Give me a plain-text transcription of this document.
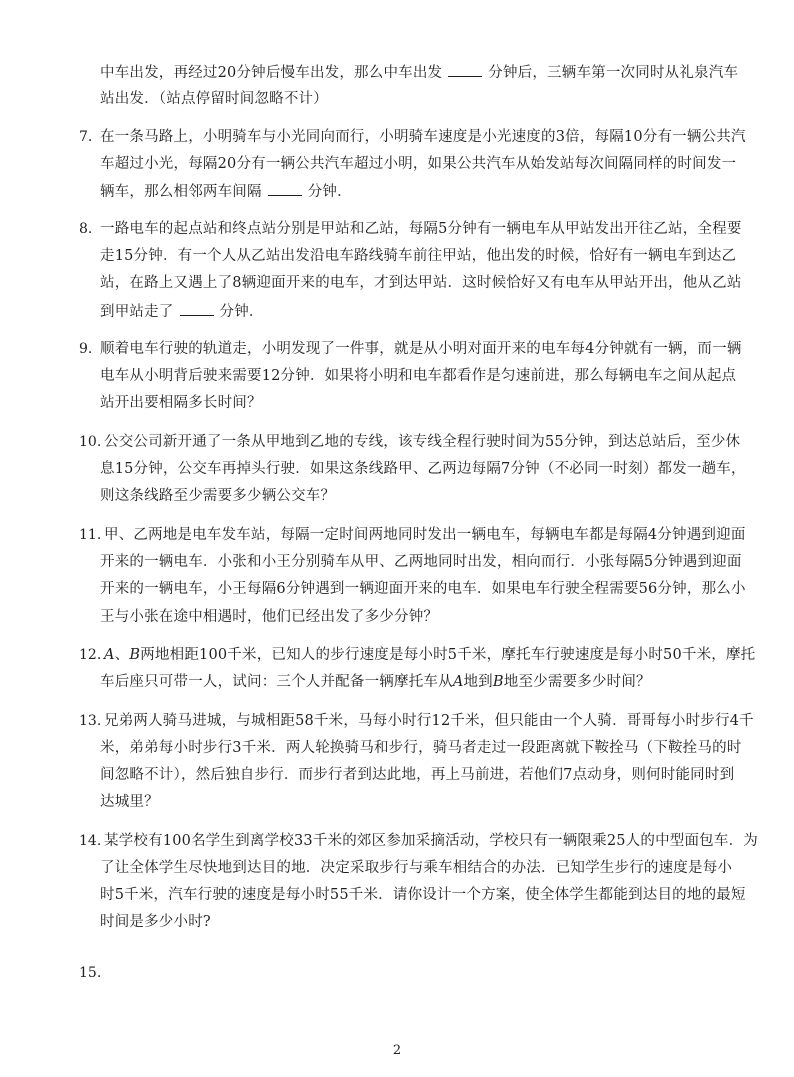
中车出发，再经过20分钟后慢车出发，那么中车出发	分钟后，三辆车第一次同时从礼泉汽车
站出发．（站点停留时间忽略不计）
7. 在一条马路上，小明骑车与小光同向而行，小明骑车速度是小光速度的3倍，每隔10分有一辆公共汽
车超过小光，每隔20分有一辆公共汽车超过小明，如果公共汽车从始发站每次间隔同样的时间发一
辆车，那么相邻两车间隔	分钟．
8. 一路电车的起点站和终点站分别是甲站和乙站，每隔5分钟有一辆电车从甲站发出开往乙站，全程要
走15分钟．有一个人从乙站出发沿电车路线骑车前往甲站，他出发的时候，恰好有一辆电车到达乙
站，在路上又遇上了8辆迎面开来的电车，才到达甲站．这时候恰好又有电车从甲站开出，他从乙站
到甲站走了	分钟．
9. 顺着电车行驶的轨道走，小明发现了一件事，就是从小明对面开来的电车每4分钟就有一辆，而一辆
电车从小明背后驶来需要12分钟．如果将小明和电车都看作是匀速前进，那么每辆电车之间从起点
站开出要相隔多长时间？
10. 公交公司新开通了一条从甲地到乙地的专线，该专线全程行驶时间为55分钟，到达总站后，至少休
息15分钟，公交车再掉头行驶．如果这条线路甲、乙两边每隔7分钟（不必同一时刻）都发一趟车，
则这条线路至少需要多少辆公交车？
11. 甲、乙两地是电车发车站，每隔一定时间两地同时发出一辆电车，每辆电车都是每隔4分钟遇到迎面
开来的一辆电车．小张和小王分别骑车从甲、乙两地同时出发，相向而行．小张每隔5分钟遇到迎面
开来的一辆电车，小王每隔6分钟遇到一辆迎面开来的电车．如果电车行驶全程需要56分钟，那么小
王与小张在途中相遇时，他们已经出发了多少分钟？
12. A、B两地相距100千米，已知人的步行速度是每小时5千米，摩托车行驶速度是每小时50千米，摩托
车后座只可带一人，试问：三个人并配备一辆摩托车从A地到B地至少需要多少时间？
13. 兄弟两人骑马进城，与城相距58千米，马每小时行12千米，但只能由一个人骑．哥哥每小时步行4千
米，弟弟每小时步行3千米．两人轮换骑马和步行，骑马者走过一段距离就下鞍拴马（下鞍拴马的时
间忽略不计），然后独自步行．而步行者到达此地，再上马前进，若他们7点动身，则何时能同时到
达城里？
14. 某学校有100名学生到离学校33千米的郊区参加采摘活动，学校只有一辆限乘25人的中型面包车．为
了让全体学生尽快地到达目的地．决定采取步行与乘车相结合的办法．已知学生步行的速度是每小
时5千米，汽车行驶的速度是每小时55千米．请你设计一个方案，使全体学生都能到达目的地的最短
时间是多少小时?
15.
2
